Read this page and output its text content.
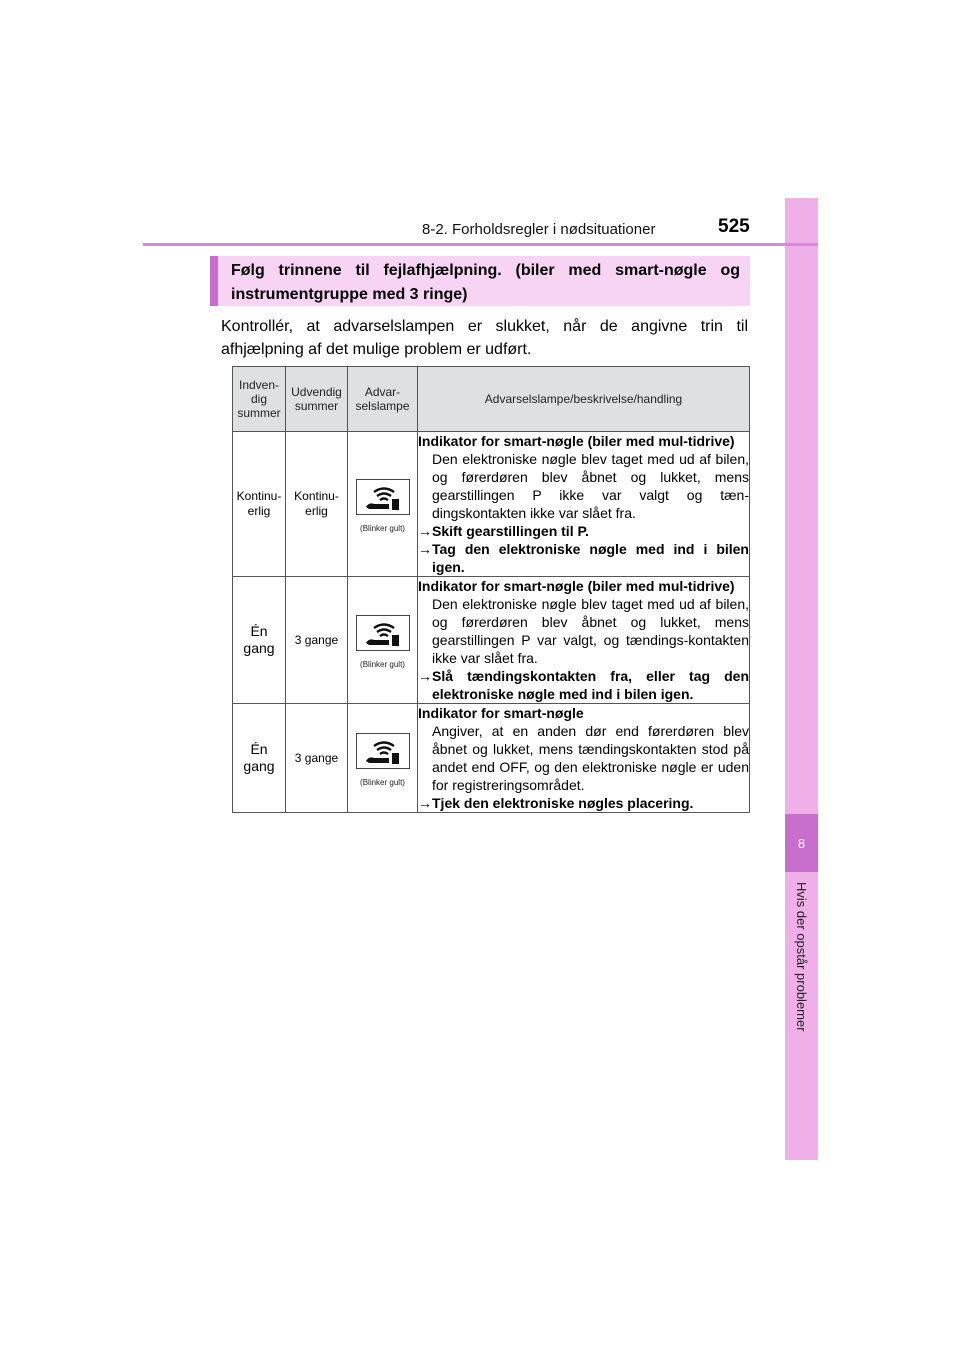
8
Hvis der opstår problemer
8-2. Forholdsregler i nødsituationer	525
Følg trinnene til fejlafhjælpning. (biler med smart-nøgle og instrumentgruppe med 3 ringe)
Kontrollér, at advarselslampen er slukket, når de angivne trin til afhjælpning af det mulige problem er udført.
Indven-dig summer	Udvendig summer	Advar-selslampe	Advarselslampe/beskrivelse/handling
Kontinu-erlig	Kontinu-erlig	(Blinker gult)	Indikator for smart-nøgle (biler med mul-tidrive)
Den elektroniske nøgle blev taget med ud af bilen, og førerdøren blev åbnet og lukket, mens gearstillingen P ikke var valgt og tæn-dingskontakten ikke var slået fra.
→Skift gearstillingen til P.
→Tag den elektroniske nøgle med ind i bilen igen.

Én gang	3 gange	(Blinker gult)	Indikator for smart-nøgle (biler med mul-tidrive)
Den elektroniske nøgle blev taget med ud af bilen, og førerdøren blev åbnet og lukket, mens gearstillingen P var valgt, og tændings-kontakten ikke var slået fra.
→Slå tændingskontakten fra, eller tag den elektroniske nøgle med ind i bilen igen.

Én gang	3 gange	(Blinker gult)	Indikator for smart-nøgle
Angiver, at en anden dør end førerdøren blev åbnet og lukket, mens tændingskontakten stod på andet end OFF, og den elektroniske nøgle er uden for registreringsområdet.
→Tjek den elektroniske nøgles placering.
